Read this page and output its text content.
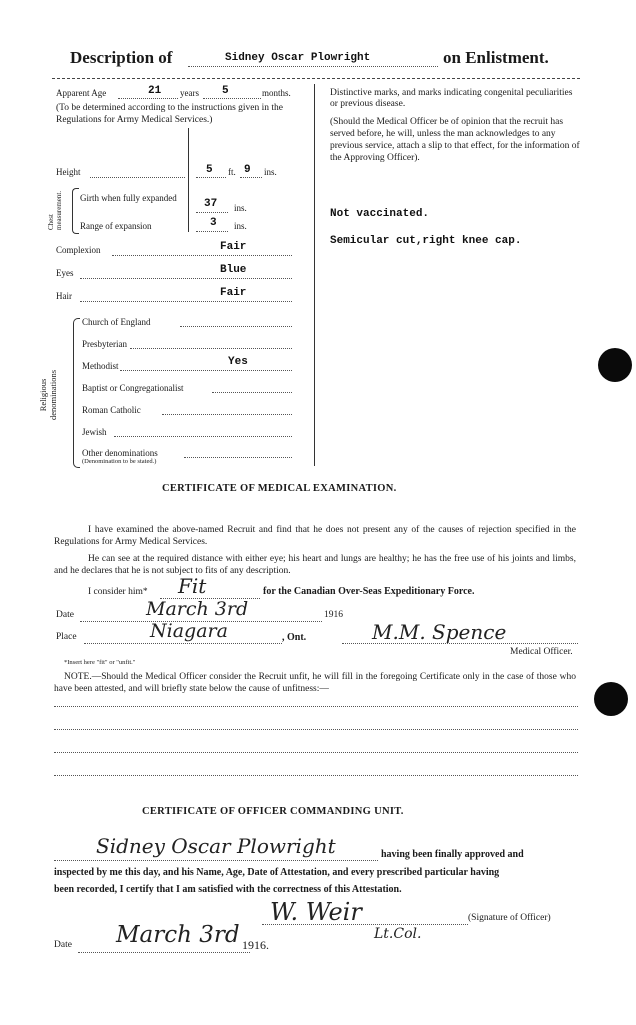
Description of	Sidney Oscar Plowright	on Enlistment.
Apparent Age	21 years 5	months.
(To be determined according to the instructions given in the Regulations for Army Medical Services.)
Height	5 ft. 9 ins.
Chest measurement. Girth when fully expanded	37 ins.
Range of expansion	3 ins.
Complexion	Fair
Eyes	Blue
Hair	Fair
Religious denominations
Church of England
Presbyterian
Methodist	Yes
Baptist or Congregationalist
Roman Catholic
Jewish
Other denominations
(Denomination to be stated.)
Distinctive marks, and marks indicating congenital peculiarities or previous disease.
(Should the Medical Officer be of opinion that the recruit has served before, he will, unless the man acknowledges to any previous service, attach a slip to that effect, for the information of the Approving Officer).
Not vaccinated.
Semicular cut,right knee cap.
CERTIFICATE OF MEDICAL EXAMINATION.
I have examined the above-named Recruit and find that he does not present any of the causes of rejection specified in the Regulations for Army Medical Services.
He can see at the required distance with either eye; his heart and lungs are healthy; he has the free use of his joints and limbs, and he declares that he is not subject to fits of any description.
I consider him* Fit	for the Canadian Over-Seas Expeditionary Force.
Date	March 3rd	1916
Place	Niagara	, Ont.	M.M. Spence
Medical Officer.
*Insert here "fit" or "unfit."
NOTE.—Should the Medical Officer consider the Recruit unfit, he will fill in the foregoing Certificate only in the case of those who have been attested, and will briefly state below the cause of unfitness:—
CERTIFICATE OF OFFICER COMMANDING UNIT.
Sidney Oscar Plowright	having been finally approved and
inspected by me this day, and his Name, Age, Date of Attestation, and every prescribed particular having
been recorded, I certify that I am satisfied with the correctness of this Attestation.
W. Weir	(Signature of Officer)
Lt.Col.
Date March 3rd 1916.
